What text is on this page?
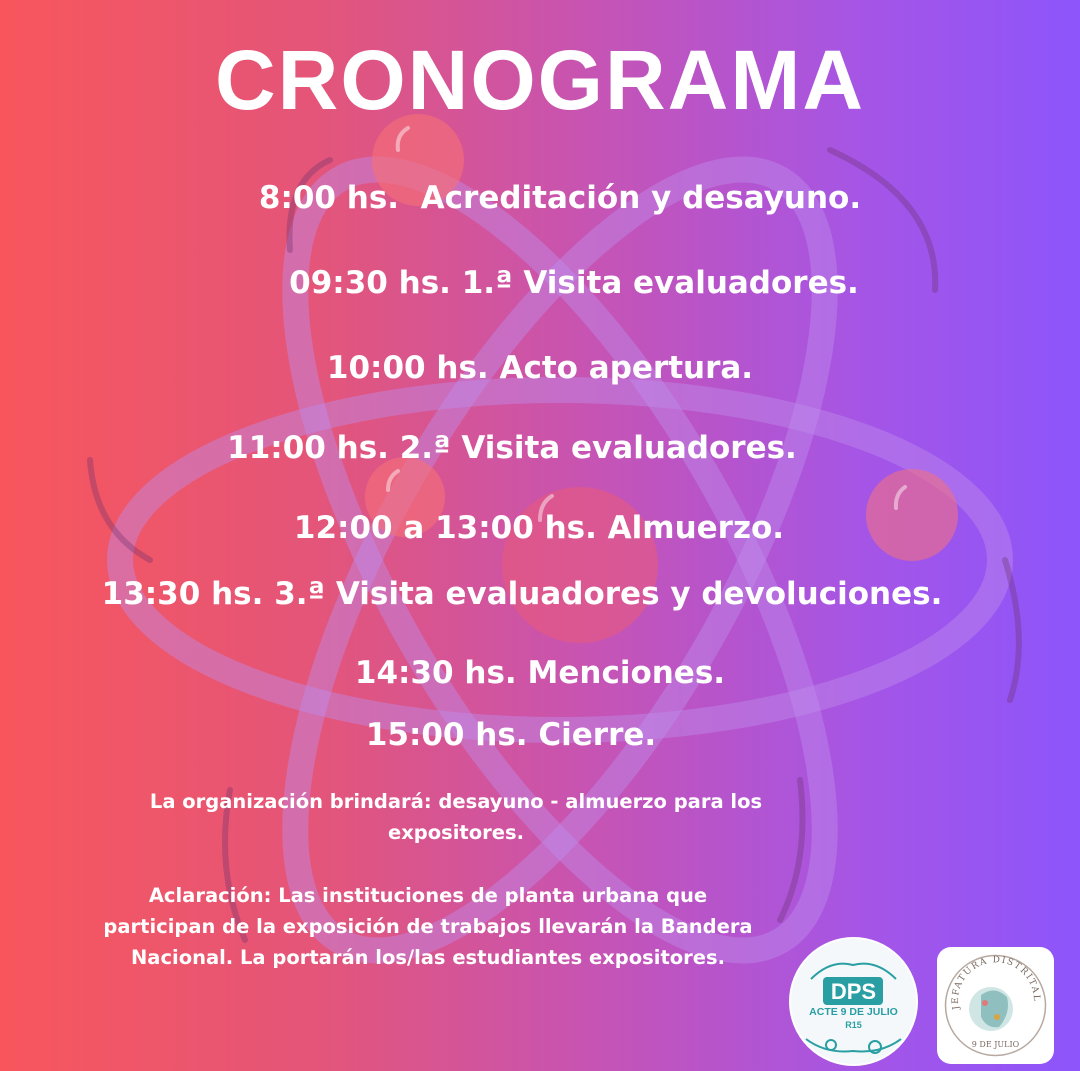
CRONOGRAMA
8:00 hs. Acreditación y desayuno.
09:30 hs. 1.ª Visita evaluadores.
10:00 hs. Acto apertura.
11:00 hs. 2.ª Visita evaluadores.
12:00 a 13:00 hs. Almuerzo.
13:30 hs. 3.ª Visita evaluadores y devoluciones.
14:30 hs. Menciones.
15:00 hs. Cierre.
La organización brindará: desayuno - almuerzo para los
expositores.
Aclaración: Las instituciones de planta urbana que
participan de la exposición de trabajos llevarán la Bandera
Nacional. La portarán los/las estudiantes expositores.
DPS
ACTE 9 DE JULIO
R15
JEFATURA DISTRITAL
9 DE JULIO
